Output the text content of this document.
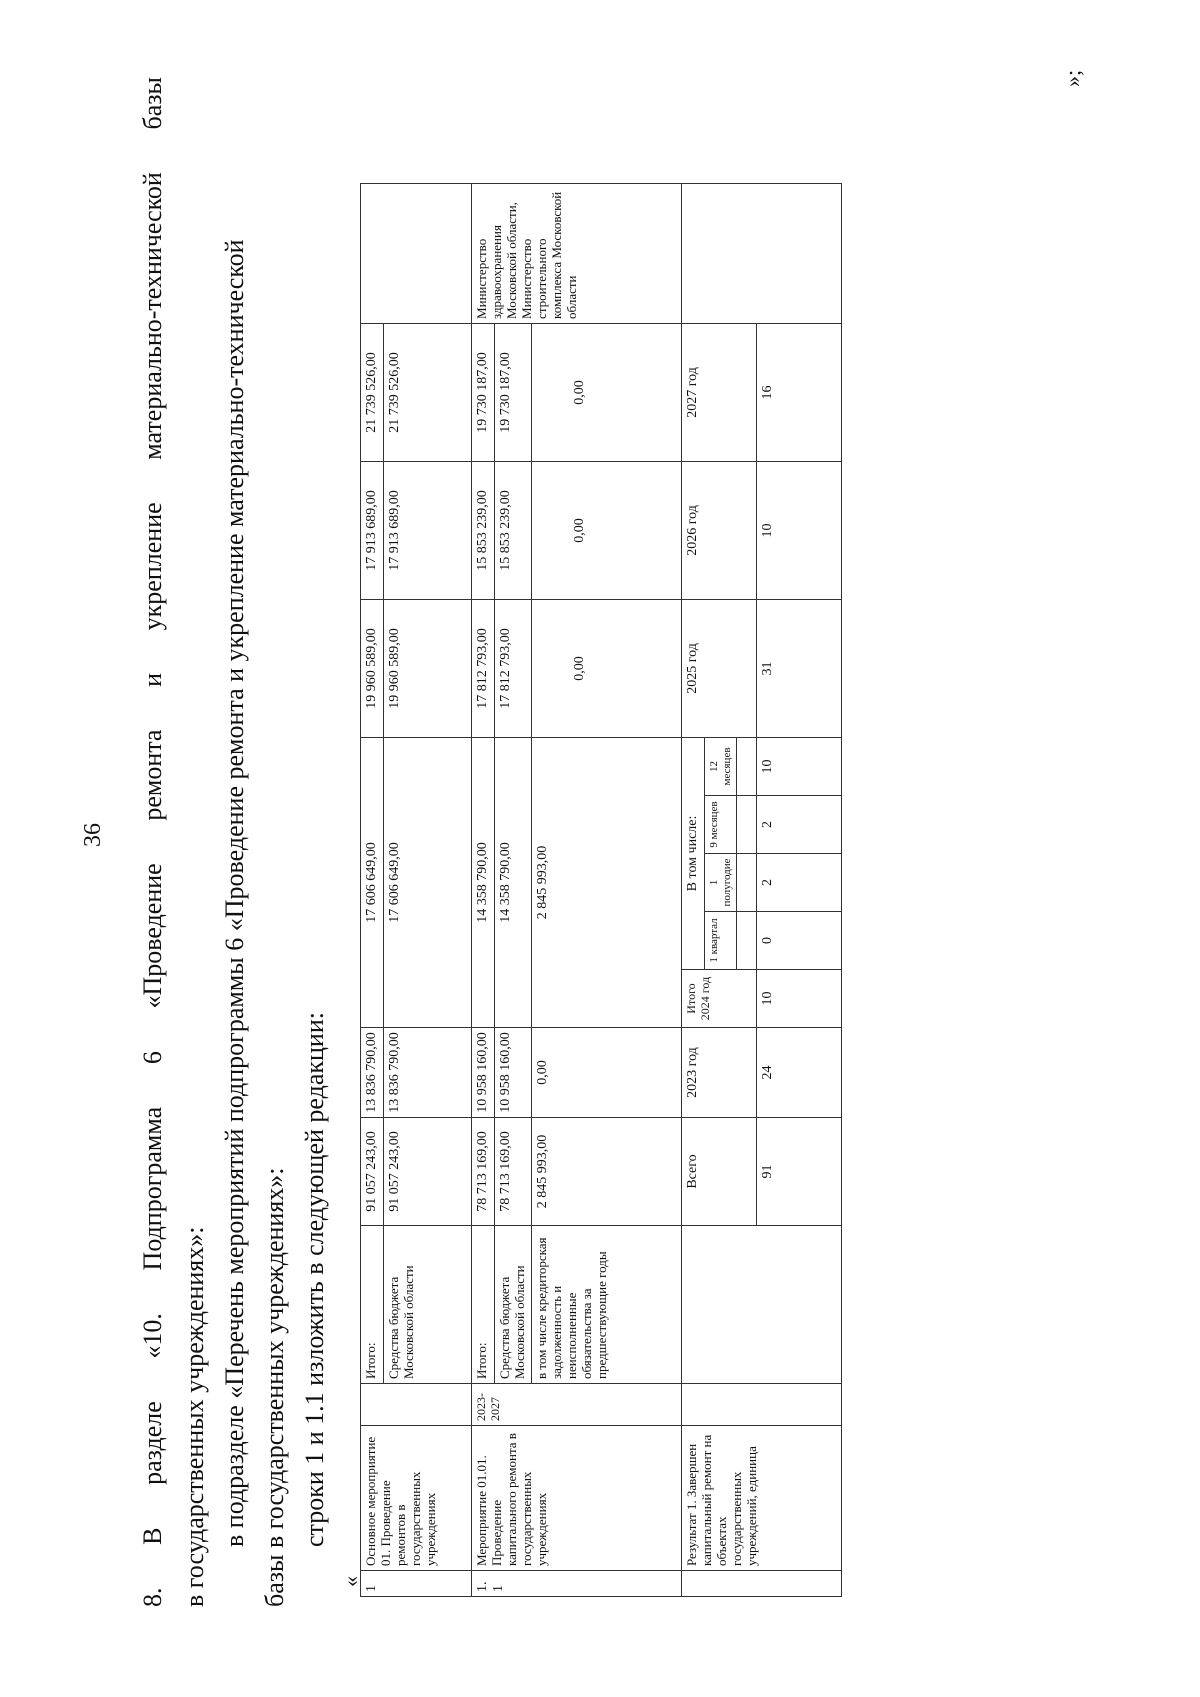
36 8. В разделе «10. Подпрограмма 6 «Проведение ремонта и укрепление материально-технической базы в государственных учреждениях»: в подразделе «Перечень мероприятий подпрограммы 6 «Проведение ремонта и укрепление материально-технической базы в государственных учреждениях»: строки 1 и 1.1 изложить в следующей редакции:
«
1	Основное мероприятие 01. Проведение ремонтов в государственных учреждениях		Итого:	91 057 243,00	13 836 790,00	17 606 649,00					19 960 589,00	17 913 689,00	21 739 526,00	
			Средства бюджета Московской области	91 057 243,00	13 836 790,00	17 606 649,00					19 960 589,00	17 913 689,00	21 739 526,00	
1.1	Мероприятие 01.01. Проведение капитального ремонта в государственных учреждениях	2023-2027	Итого:	78 713 169,00	10 958 160,00	14 358 790,00					17 812 793,00	15 853 239,00	19 730 187,00	Министерство здравоохранения Московской области, Министерство строительного комплекса Московской области
			Средства бюджета Московской области	78 713 169,00	10 958 160,00	14 358 790,00					17 812 793,00	15 853 239,00	19 730 187,00	
			в том числе кредиторская задолженность и неисполненные обязательства за предшествующие годы	2 845 993,00	0,00	2 845 993,00					0,00	0,00	0,00	
	Результат 1. Завершен капитальный ремонт на объектах государственных учреждений, единица			Всего	2023 год	Итого 2024 год	В том числе:				2025 год	2026 год	2027 год	
							1 квартал	1 полугодие	9 месяцев	12 месяцев				

				91	24	10	0	2	2	10	31	10	16	
»;
